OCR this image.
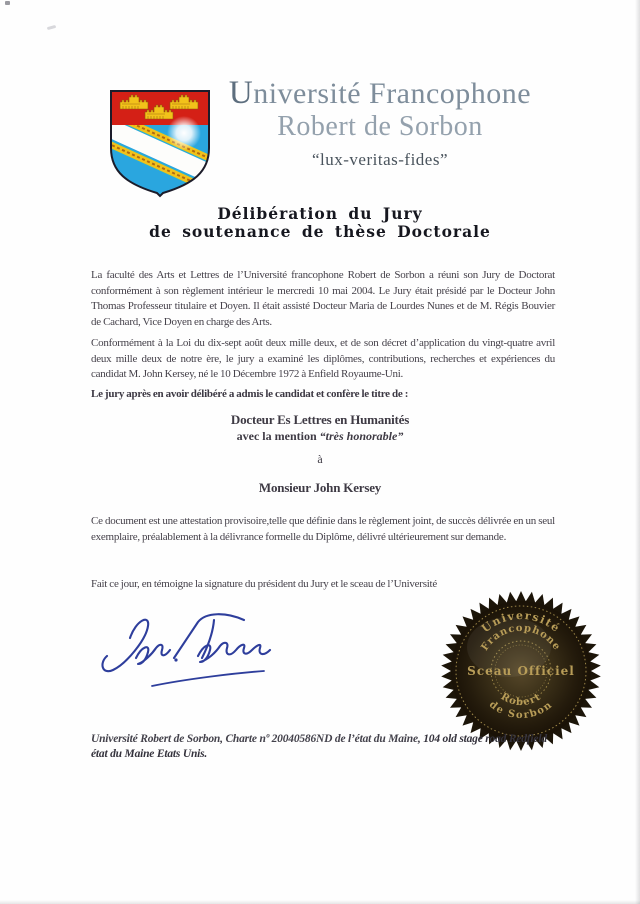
Université Francophone
Robert de Sorbon
“lux-veritas-fides”
Délibération du Jury
de soutenance de thèse Doctorale
La faculté des Arts et Lettres de l’Université francophone Robert de Sorbon a réuni son Jury de Doctorat conformément à son règlement intérieur le mercredi 10 mai 2004. Le Jury était présidé par le Docteur John Thomas Professeur titulaire et Doyen. Il était assisté Docteur Maria de Lourdes Nunes et de M. Régis Bouvier de Cachard, Vice Doyen en charge des Arts.
Conformément à la Loi du dix-sept août deux mille deux, et de son décret d’application du vingt-quatre avril deux mille deux de notre ère, le jury a examiné les diplômes, contributions, recherches et expériences du candidat M. John Kersey, né le 10 Décembre 1972 à Enfield Royaume-Uni.
Le jury après en avoir délibéré a admis le candidat et confère le titre de :
Docteur Es Lettres en Humanités
avec la mention “très honorable”
à
Monsieur John Kersey
Ce document est une attestation provisoire,telle que définie dans le règlement joint, de succès délivrée en un seul exemplaire, préalablement à la délivrance formelle du Diplôme, délivré ultérieurement sur demande.
Fait ce jour, en témoigne la signature du président du Jury et le sceau de l’Université
Université
Francophone
Sceau Officiel
Robert
de Sorbon
Université Robert de Sorbon, Charte nº 20040586ND de l’état du Maine, 104 old stage road Redfield état du Maine Etats Unis.
